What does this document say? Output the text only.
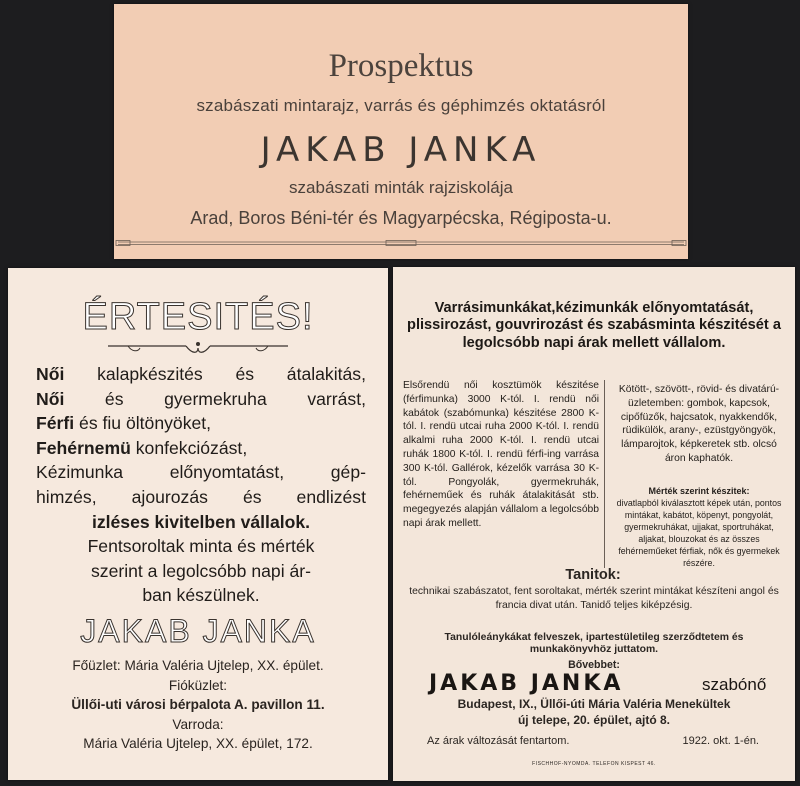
Prospektus
szabászati mintarajz, varrás és géphimzés oktatásról
JAKAB JANKA
szabászati minták rajziskolája
Arad, Boros Béni-tér és Magyarpécska, Régiposta-u.
ÉRTESITÉS!

Női kalapkészités és átalakitás,

Női és gyermekruha varrást,

Férfi és fiu öltönyöket,

Fehérnemü konfekciózást,

Kézimunka előnyomtatást, gép-

himzés, ajourozás és endlizést

izléses kivitelben vállalok.

Fentsoroltak minta és mérték

szerint a legolcsóbb napi ár-

ban készülnek.

JAKAB JANKA
Főüzlet: Mária Valéria Ujtelep, XX. épület.
Fióküzlet:
Üllői-uti városi bérpalota A. pavillon 11.
Varroda:
Mária Valéria Ujtelep, XX. épület, 172.
Varrásimunkákat,kézimunkák előnyomtatását, plissirozást, gouvrirozást és szabásminta készitését a legolcsóbb napi árak mellett vállalom.
Elsőrendü női kosztümök készitése (férfimunka) 3000 K-tól. I. rendü női kabátok (szabómunka) készitése 2800 K-tól. I. rendü utcai ruha 2000 K-tól. I. rendü alkalmi ruha 2000 K-tól. I. rendü utcai ruhák 1800 K-tól. I. rendü férfi-ing varrása 300 K-tól. Gallérok, kézelők varrása 30 K-tól. Pongyolák, gyermekruhák, fehérneműek és ruhák átalakitását stb. megegyezés alapján vállalom a legolcsóbb napi árak mellett.
Kötött-, szövött-, rövid- és divatárú-üzletemben: gombok, kapcsok, cipőfüzők, hajcsatok, nyakkendők, rüdikülök, arany-, ezüstgyöngyök, lámparojtok, képkeretek stb. olcsó áron kaphatók.
Mérték szerint készitek:
divatlapból kiválasztott képek után, pontos mintákat, kabátot, köpenyt, pongyolát, gyermekruhákat, ujjakat, sportruhákat, aljakat, blouzokat és az összes fehérneműeket férfiak, nők és gyermekek részére.
Tanitok:
technikai szabászatot, fent soroltakat, mérték szerint mintákat készíteni angol és francia divat után. Tanidő teljes kiképzésig.
Tanulóleánykákat felveszek, ipartestületileg szerződtetem és munkakönyvhöz juttatom.
Bővebbet:
JAKAB JANKA	szabónő
Budapest, IX., Üllői-úti Mária Valéria Menekültek
új telepe, 20. épület, ajtó 8.
Az árak változását fentartom.	1922. okt. 1-én.
FISCHHOF-NYOMDA. TELEFON KISPEST 46.
